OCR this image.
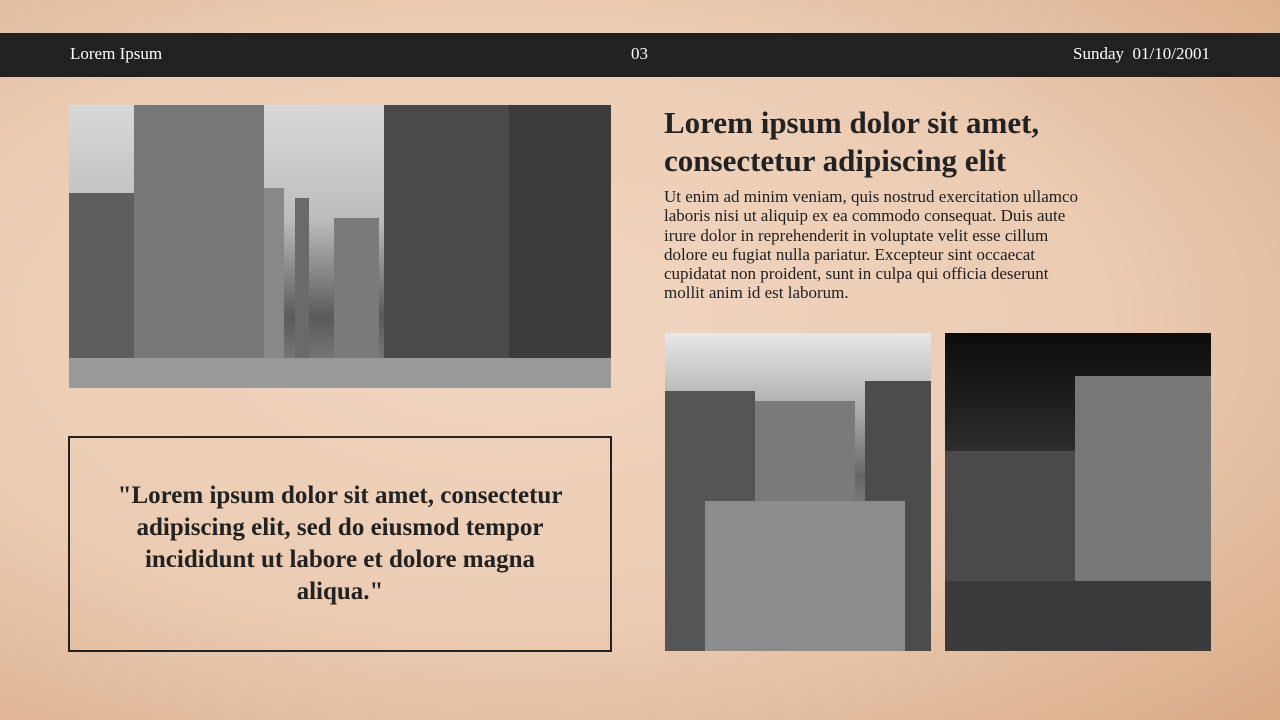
Lorem Ipsum	03	Sunday  01/10/2001
Lorem ipsum dolor sit amet,
consectetur adipiscing elit
Ut enim ad minim veniam, quis nostrud exercitation ullamco
laboris nisi ut aliquip ex ea commodo consequat. Duis aute
irure dolor in reprehenderit in voluptate velit esse cillum
dolore eu fugiat nulla pariatur. Excepteur sint occaecat
cupidatat non proident, sunt in culpa qui officia deserunt
mollit anim id est laborum.
"Lorem ipsum dolor sit amet, consectetur adipiscing elit, sed do eiusmod tempor incididunt ut labore et dolore magna aliqua."
